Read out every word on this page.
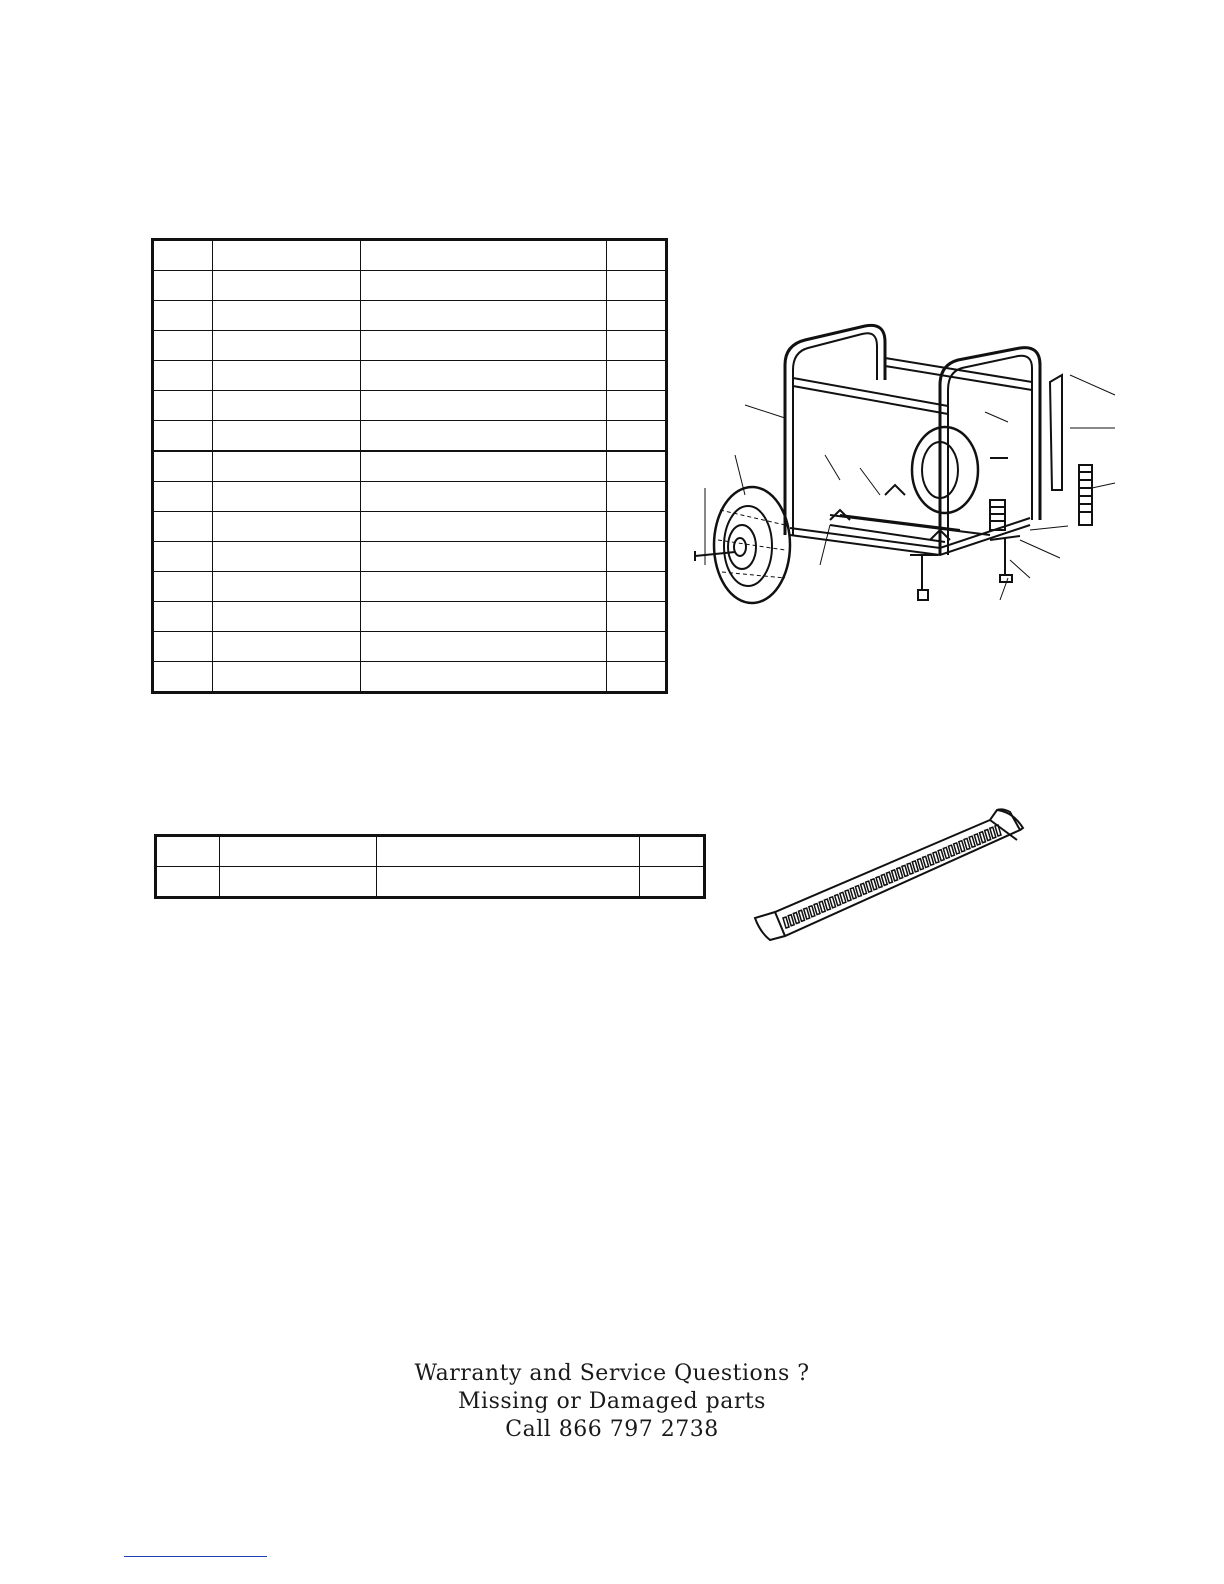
Warranty and Service Questions ?
Missing or Damaged parts
Call 866 797 2738
